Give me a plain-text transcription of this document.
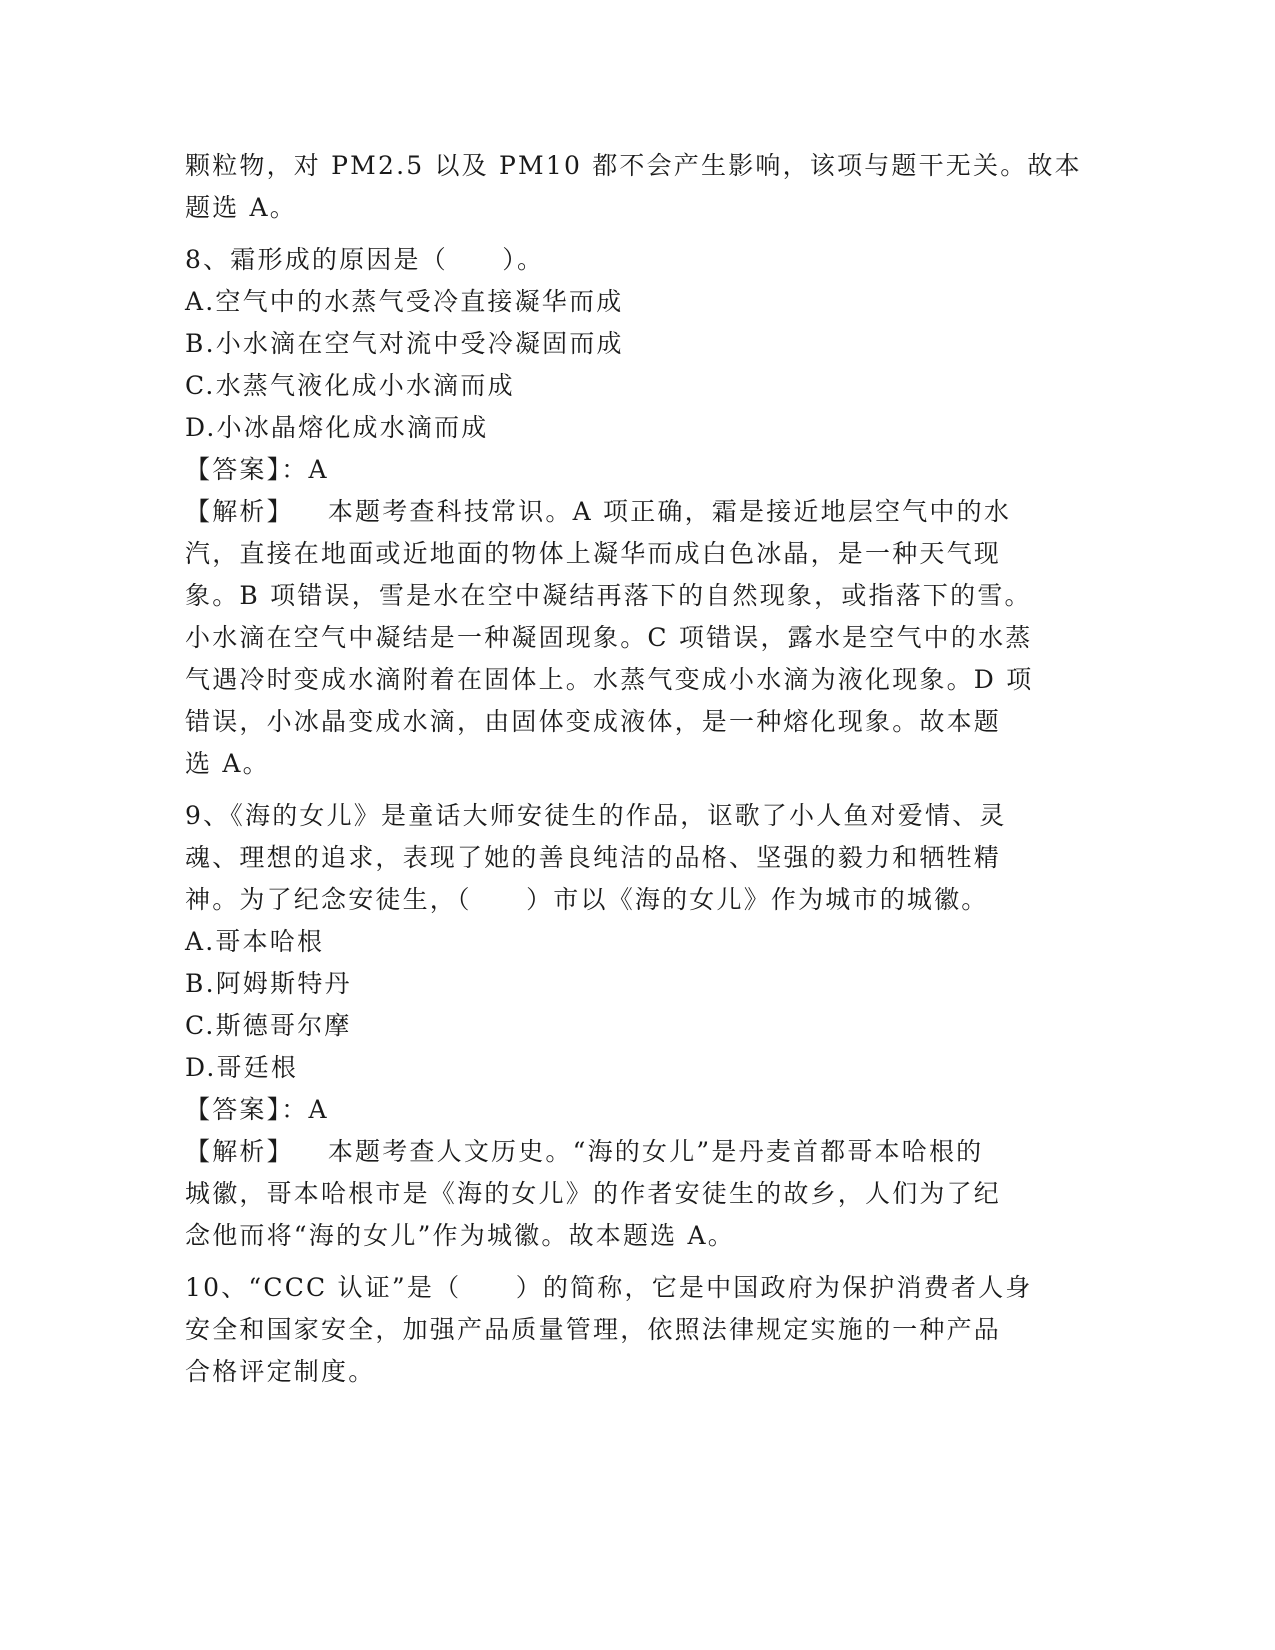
颗粒物，对 PM2.5 以及 PM10 都不会产生影响，该项与题干无关。故本
题选 A。
8、霜形成的原因是（　　）。
A.空气中的水蒸气受冷直接凝华而成
B.小水滴在空气对流中受冷凝固而成
C.水蒸气液化成小水滴而成
D.小冰晶熔化成水滴而成
【答案】：A
【解析】 本题考查科技常识。A 项正确，霜是接近地层空气中的水
汽，直接在地面或近地面的物体上凝华而成白色冰晶，是一种天气现
象。B 项错误，雪是水在空中凝结再落下的自然现象，或指落下的雪。
小水滴在空气中凝结是一种凝固现象。C 项错误，露水是空气中的水蒸
气遇冷时变成水滴附着在固体上。水蒸气变成小水滴为液化现象。D 项
错误，小冰晶变成水滴，由固体变成液体，是一种熔化现象。故本题
选 A。
9、《海的女儿》是童话大师安徒生的作品，讴歌了小人鱼对爱情、灵
魂、理想的追求，表现了她的善良纯洁的品格、坚强的毅力和牺牲精
神。为了纪念安徒生，（　　）市以《海的女儿》作为城市的城徽。
A.哥本哈根
B.阿姆斯特丹
C.斯德哥尔摩
D.哥廷根
【答案】：A
【解析】 本题考查人文历史。“海的女儿”是丹麦首都哥本哈根的
城徽，哥本哈根市是《海的女儿》的作者安徒生的故乡，人们为了纪
念他而将“海的女儿”作为城徽。故本题选 A。
10、“CCC 认证”是（　　）的简称，它是中国政府为保护消费者人身
安全和国家安全，加强产品质量管理，依照法律规定实施的一种产品
合格评定制度。
